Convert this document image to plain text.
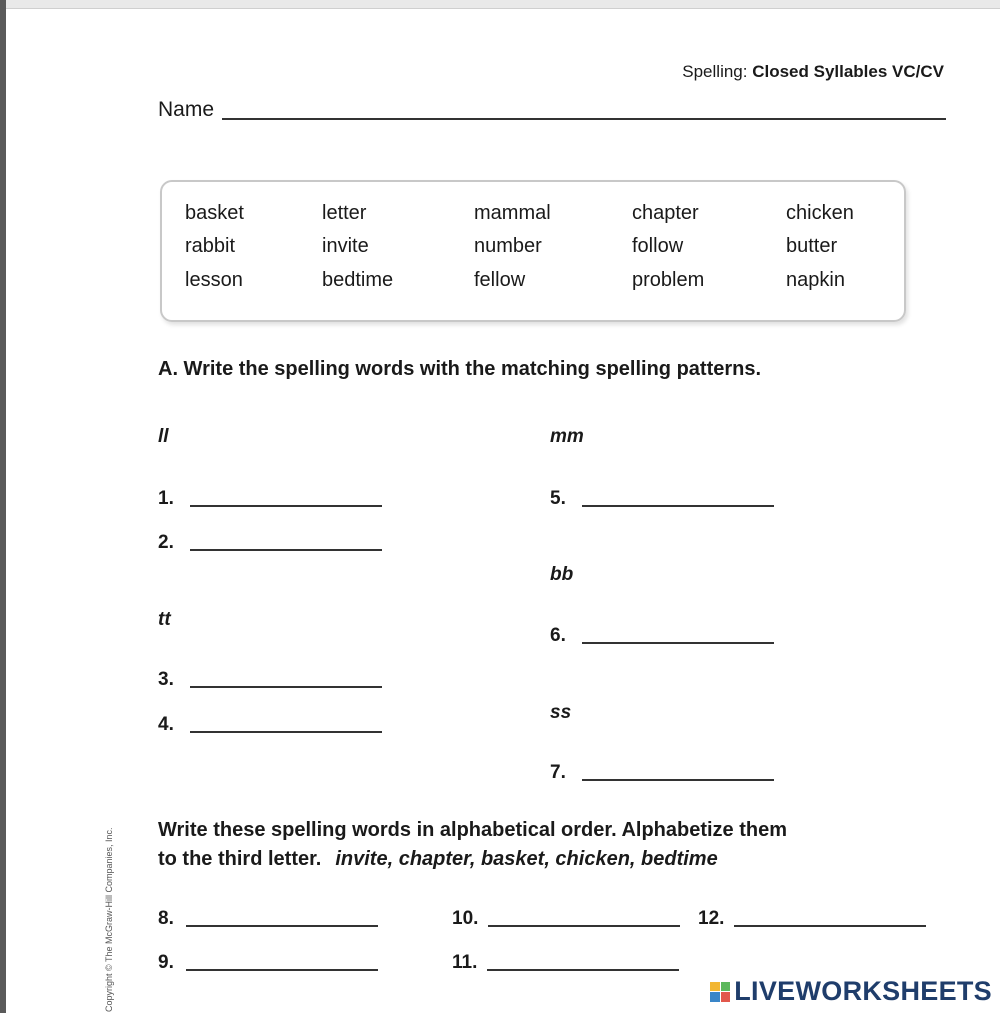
Spelling: Closed Syllables VC/CV
Name
basket
rabbit
lesson
letter
invite
bedtime
mammal
number
fellow
chapter
follow
problem
chicken
butter
napkin
A. Write the spelling words with the matching spelling patterns.
ll
tt
mm
bb
ss
1.
2.
3.
4.
5.
6.
7.
Write these spelling words in alphabetical order. Alphabetize them
to the third letter. invite, chapter, basket, chicken, bedtime
8.
9.
10.
11.
12.
Copyright © The McGraw-Hill Companies, Inc.	LIVEWORKSHEETS
